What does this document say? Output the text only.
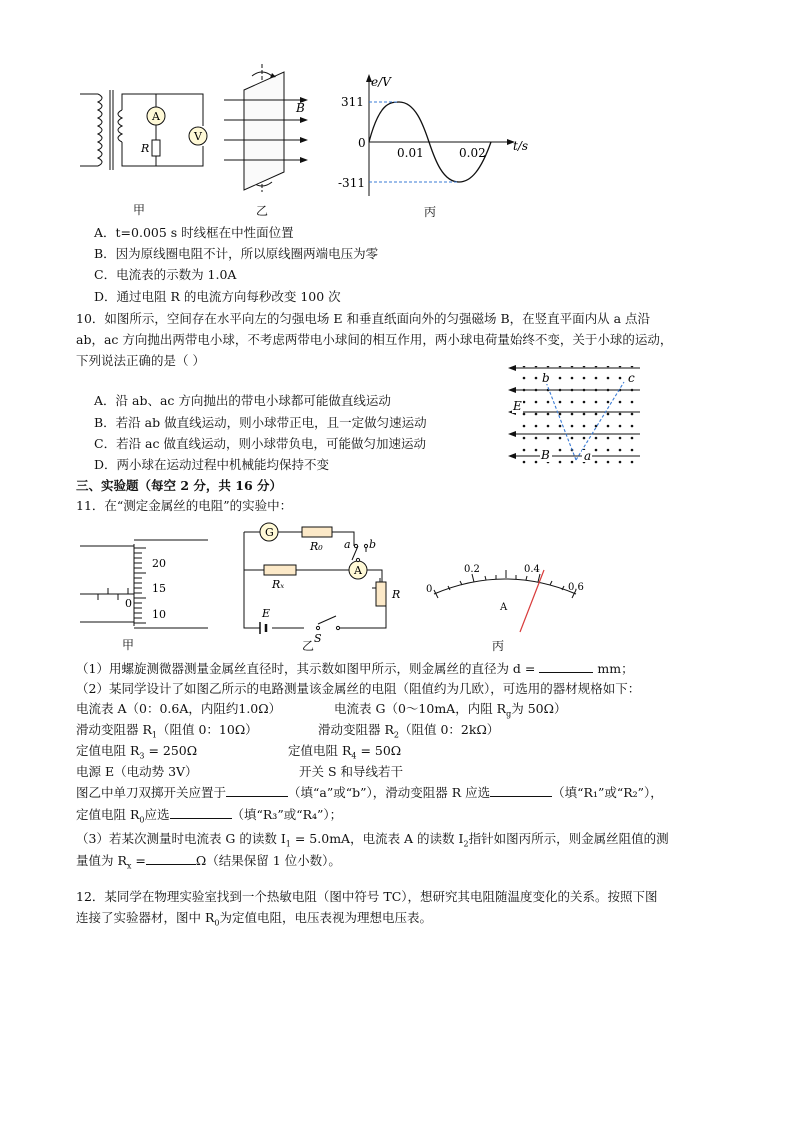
A
V
R
甲
B
乙
e/V
t/s
311
0
-311
0.01	0.02
丙
A．t=0.005 s 时线框在中性面位置
B．因为原线圈电阻不计，所以原线圈两端电压为零
C．电流表的示数为 1.0A
D．通过电阻 R 的电流方向每秒改变 100 次
10．如图所示，空间存在水平向左的匀强电场 E 和垂直纸面向外的匀强磁场 B，在竖直平面内从 a 点沿
ab，ac 方向抛出两带电小球，不考虑两带电小球间的相互作用，两小球电荷量始终不变，关于小球的运动，
下列说法正确的是（ ）
A．沿 ab、ac 方向抛出的带电小球都可能做直线运动
B．若沿 ab 做直线运动，则小球带正电，且一定做匀速运动
C．若沿 ac 做直线运动，则小球带负电，可能做匀加速运动
D．两小球在运动过程中机械能均保持不变
b	c
E
B	a
三、实验题（每空 2 分，共 16 分）
11．在“测定金属丝的电阻”的实验中：
20
15
10
0
甲
G
R₀ a b
A
Rₓ
R
E
S
乙
0
0.2	0.4
0.6
A
丙
（1）用螺旋测微器测量金属丝直径时，其示数如图甲所示，则金属丝的直径为 d =	mm；
（2）某同学设计了如图乙所示的电路测量该金属丝的电阻（阻值约为几欧），可选用的器材规格如下：
电流表 A（0：0.6A，内阻约1.0Ω）	电流表 G（0～10mA，内阻 $R_g$为 50Ω）
滑动变阻器 $R_1$（阻值 0：10Ω）	滑动变阻器 $R_2$（阻值 0：2kΩ）
定值电阻 $R_3 = 250\Omega$	定值电阻 $R_4 = 50\Omega$
电源 E（电动势 3V）	开关 S 和导线若干
图乙中单刀双掷开关应置于	（填“a”或“b”），滑动变阻器 R 应选	（填“R₁”或“R₂”），
定值电阻 $R_0$应选	（填“R₃”或“R₄”）；
（3）若某次测量时电流表 G 的读数 $I_1 = 5.0mA$，电流表 A 的读数 $I_2$指针如图丙所示，则金属丝阻值的测
量值为 $R_x$ =	Ω（结果保留 1 位小数）。
12．某同学在物理实验室找到一个热敏电阻（图中符号 TC），想研究其电阻随温度变化的关系。按照下图
连接了实验器材，图中 $R_0$为定值电阻，电压表视为理想电压表。
